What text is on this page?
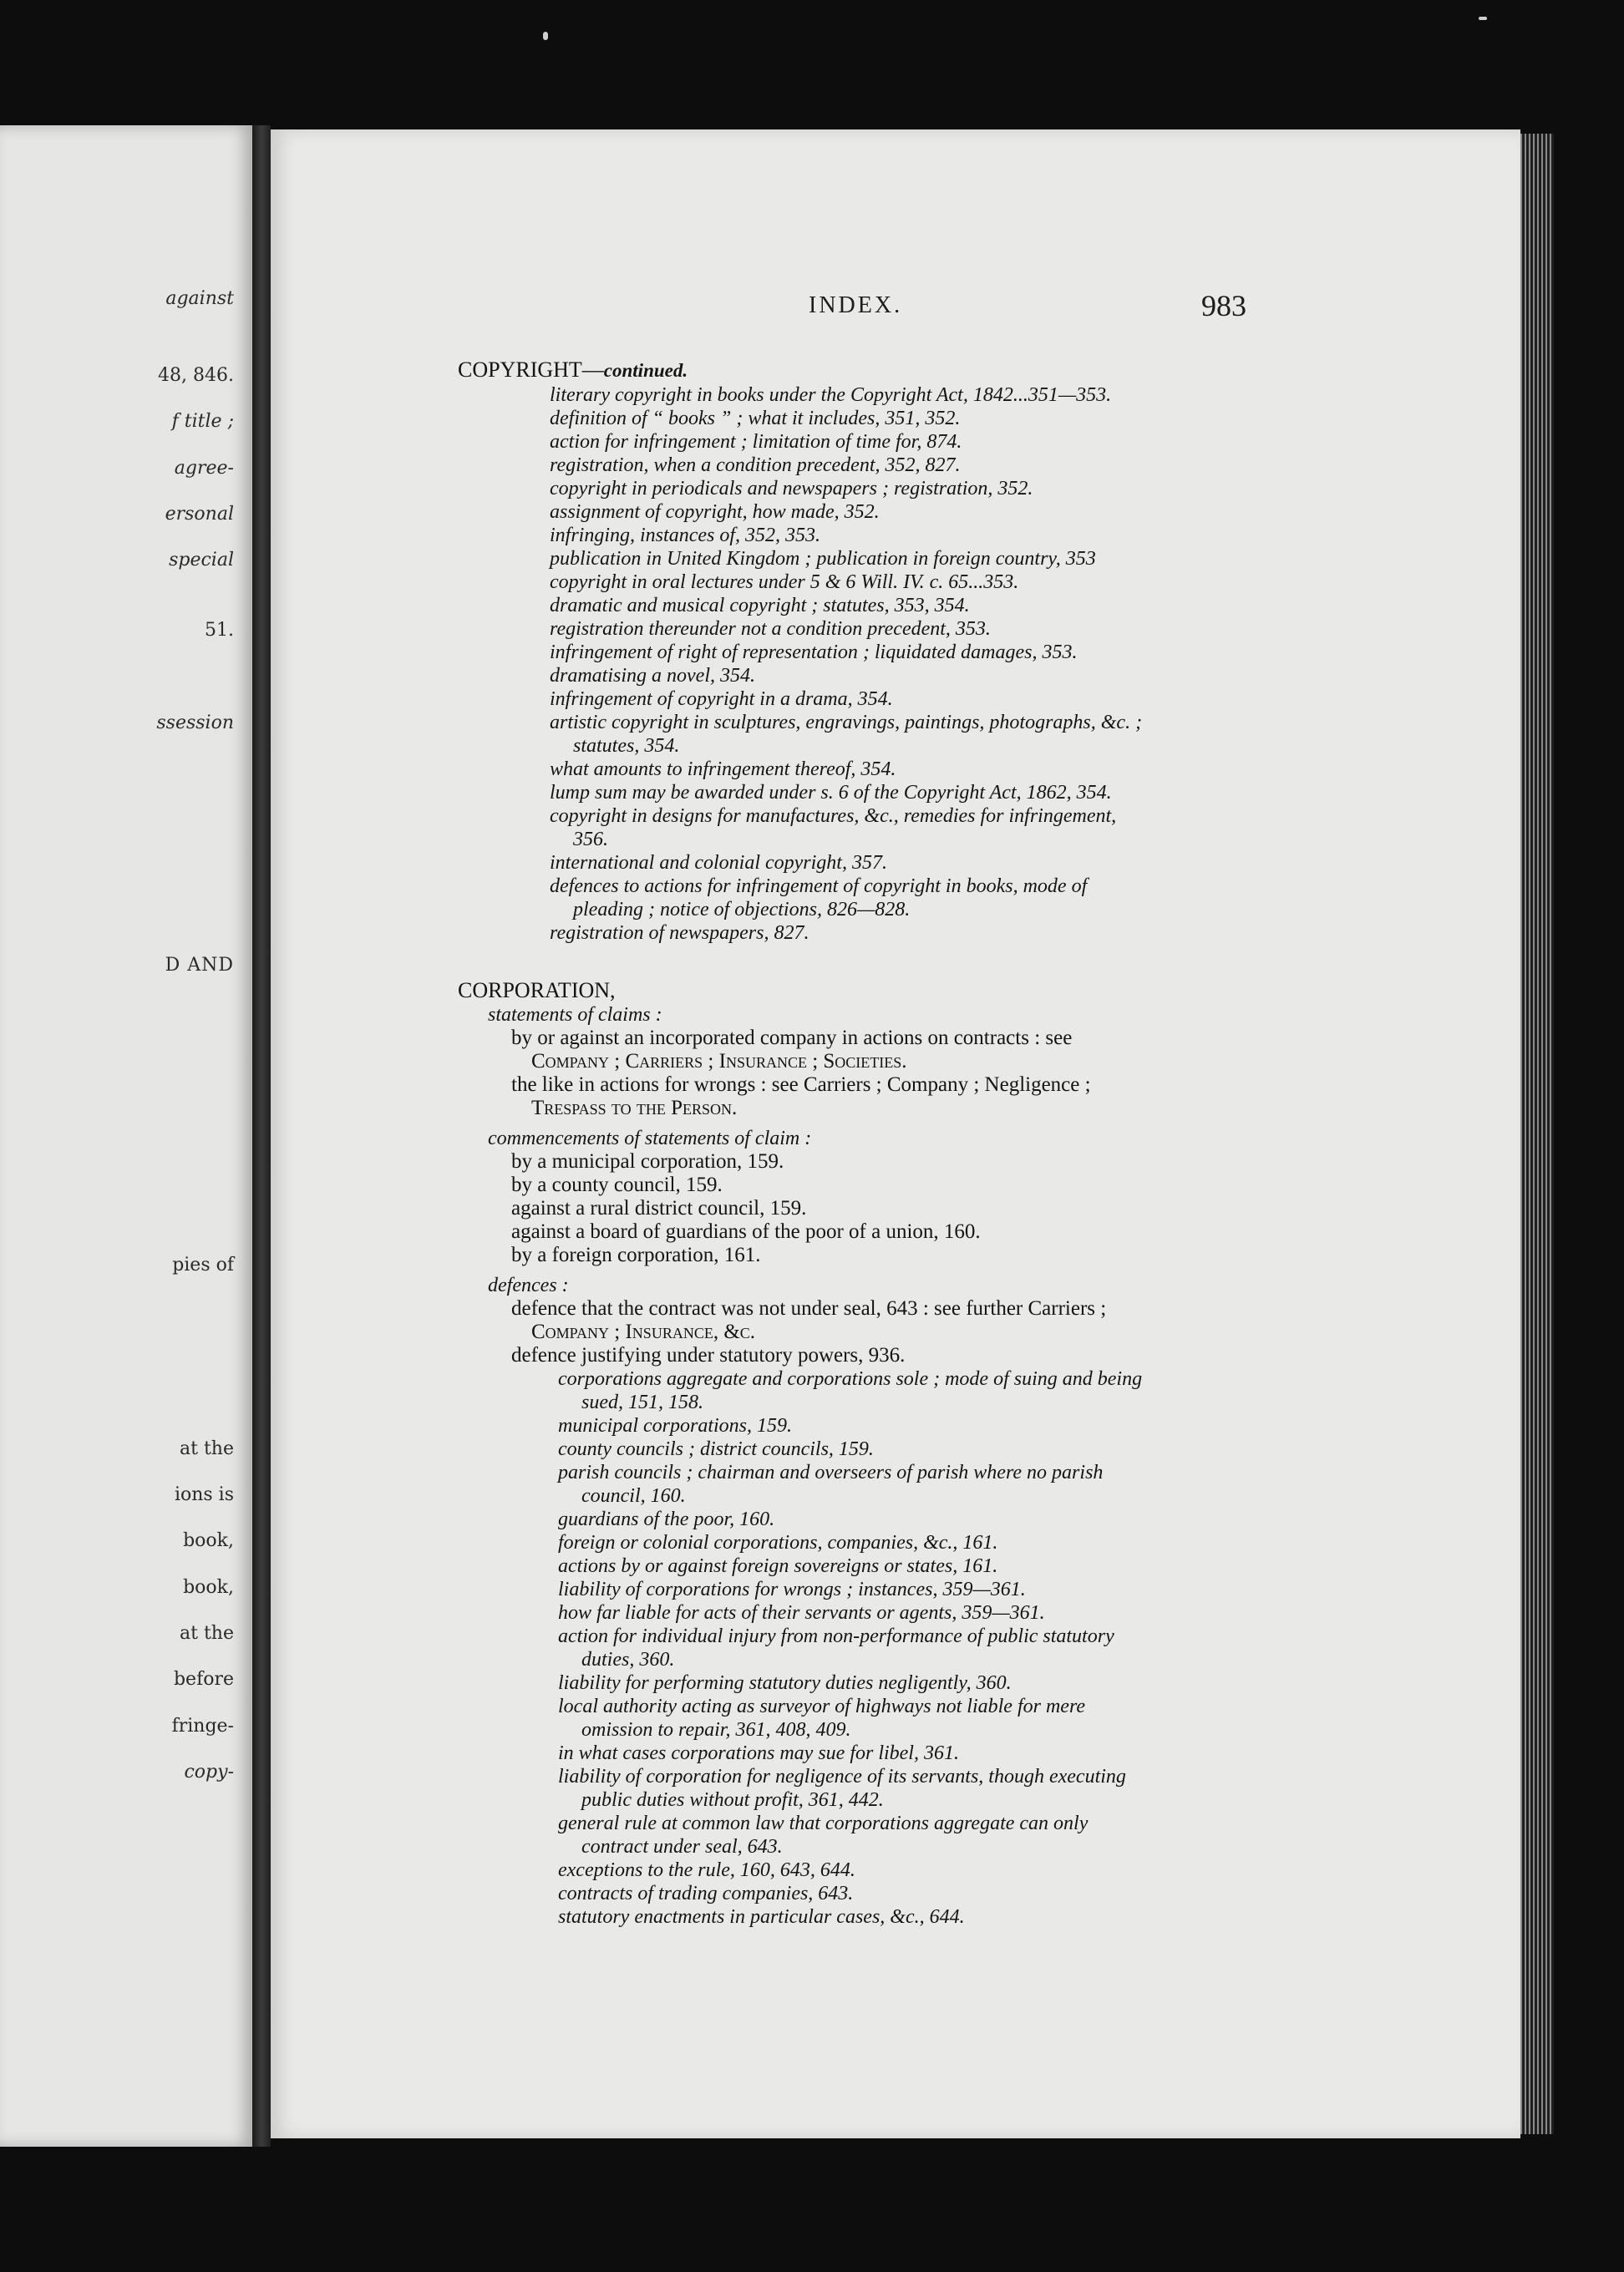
against
48, 846.
f title ;
agree-
ersonal
special
51.
ssession
D AND
pies of
at the
ions is
book,
book,
at the
before
fringe-
copy-
INDEX.	983
COPYRIGHT—continued.
literary copyright in books under the Copyright Act, 1842...351—353.
definition of “ books ” ; what it includes, 351, 352.
action for infringement ; limitation of time for, 874.
registration, when a condition precedent, 352, 827.
copyright in periodicals and newspapers ; registration, 352.
assignment of copyright, how made, 352.
infringing, instances of, 352, 353.
publication in United Kingdom ; publication in foreign country, 353
copyright in oral lectures under 5 & 6 Will. IV. c. 65...353.
dramatic and musical copyright ; statutes, 353, 354.
registration thereunder not a condition precedent, 353.
infringement of right of representation ; liquidated damages, 353.
dramatising a novel, 354.
infringement of copyright in a drama, 354.
artistic copyright in sculptures, engravings, paintings, photographs, &c. ;
statutes, 354.
what amounts to infringement thereof, 354.
lump sum may be awarded under s. 6 of the Copyright Act, 1862, 354.
copyright in designs for manufactures, &c., remedies for infringement,
356.
international and colonial copyright, 357.
defences to actions for infringement of copyright in books, mode of
pleading ; notice of objections, 826—828.
registration of newspapers, 827.
CORPORATION,
statements of claims :
by or against an incorporated company in actions on contracts : see
Company ; Carriers ; Insurance ; Societies.
the like in actions for wrongs : see Carriers ; Company ; Negligence ;
Trespass to the Person.
commencements of statements of claim :
by a municipal corporation, 159.
by a county council, 159.
against a rural district council, 159.
against a board of guardians of the poor of a union, 160.
by a foreign corporation, 161.
defences :
defence that the contract was not under seal, 643 : see further Carriers ;
Company ; Insurance, &c.
defence justifying under statutory powers, 936.
corporations aggregate and corporations sole ; mode of suing and being
sued, 151, 158.
municipal corporations, 159.
county councils ; district councils, 159.
parish councils ; chairman and overseers of parish where no parish
council, 160.
guardians of the poor, 160.
foreign or colonial corporations, companies, &c., 161.
actions by or against foreign sovereigns or states, 161.
liability of corporations for wrongs ; instances, 359—361.
how far liable for acts of their servants or agents, 359—361.
action for individual injury from non-performance of public statutory
duties, 360.
liability for performing statutory duties negligently, 360.
local authority acting as surveyor of highways not liable for mere
omission to repair, 361, 408, 409.
in what cases corporations may sue for libel, 361.
liability of corporation for negligence of its servants, though executing
public duties without profit, 361, 442.
general rule at common law that corporations aggregate can only
contract under seal, 643.
exceptions to the rule, 160, 643, 644.
contracts of trading companies, 643.
statutory enactments in particular cases, &c., 644.
